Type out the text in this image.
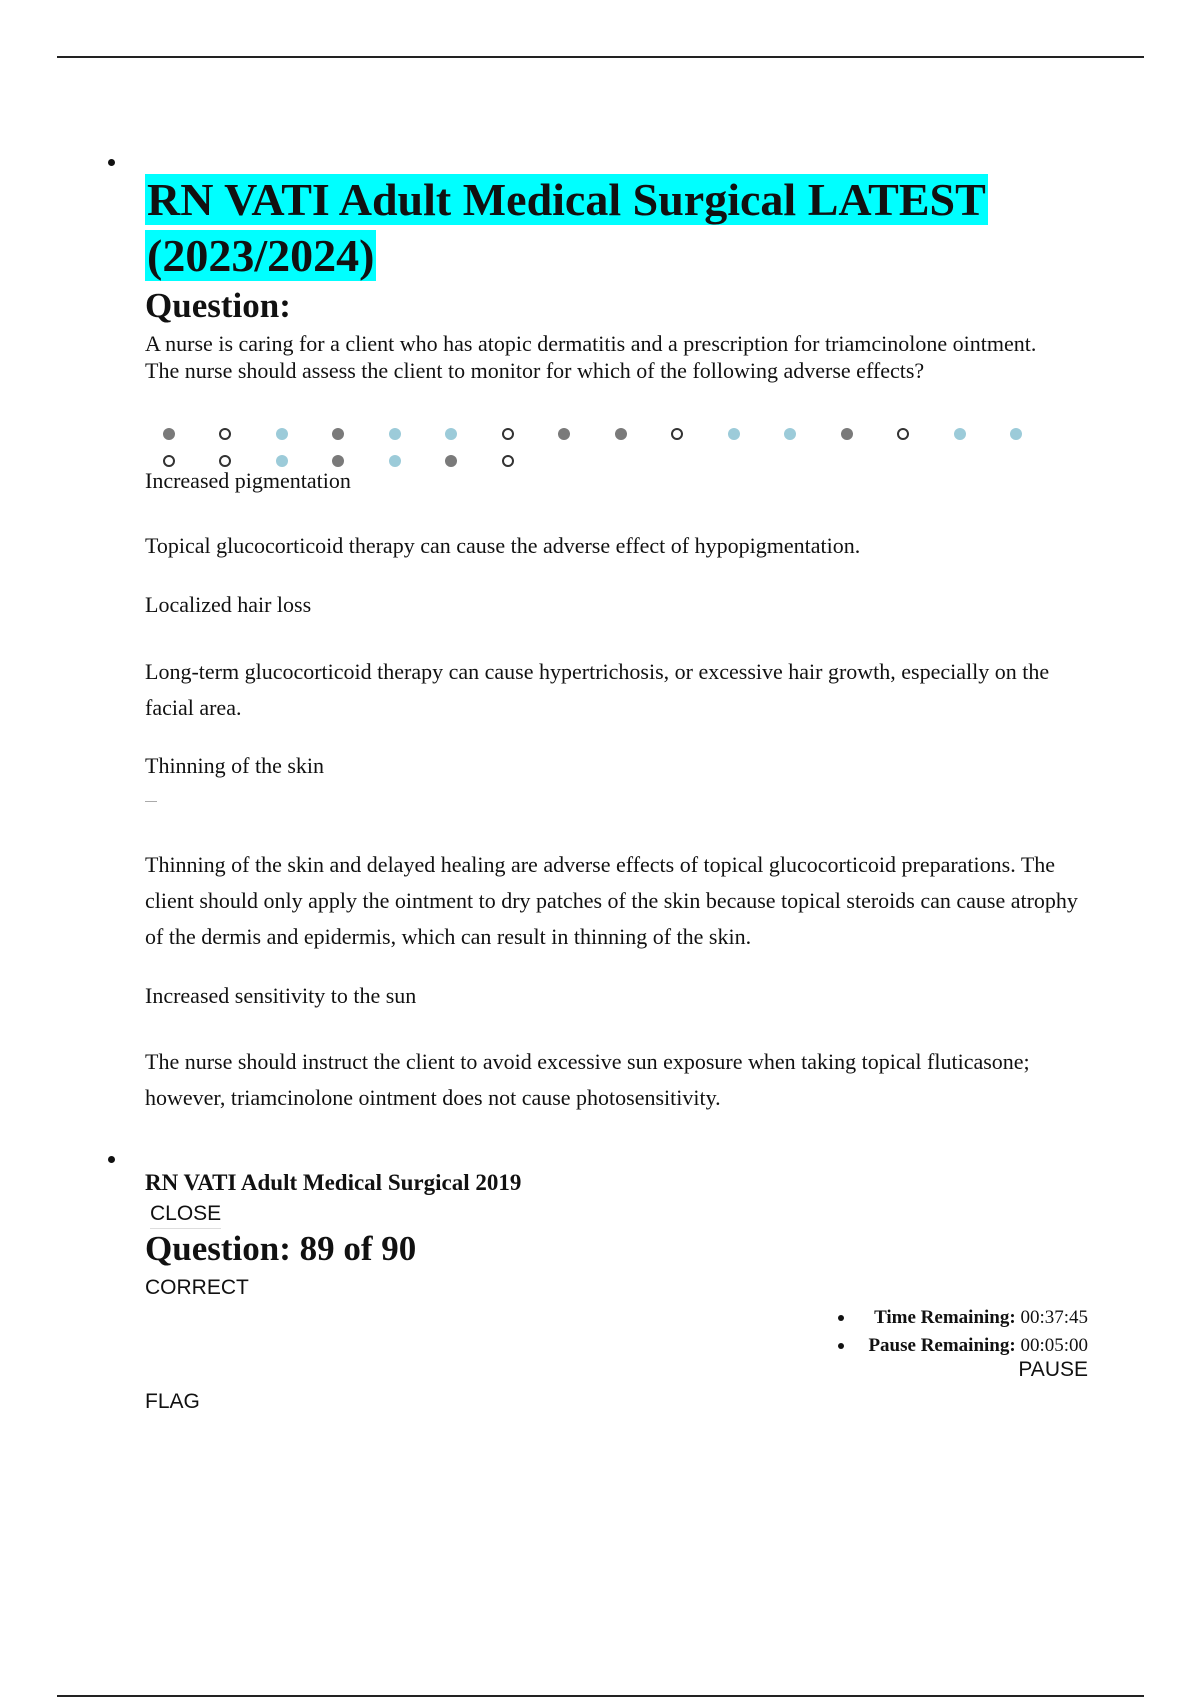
RN VATI Adult Medical Surgical LATEST (2023/2024)
Question:

A nurse is caring for a client who has atopic dermatitis and a prescription for triamcinolone ointment. The nurse should assess the client to monitor for which of the following adverse effects?

Increased pigmentation

Topical glucocorticoid therapy can cause the adverse effect of hypopigmentation.

Localized hair loss

Long-term glucocorticoid therapy can cause hypertrichosis, or excessive hair growth, especially on the facial area.

Thinning of the skin

Thinning of the skin and delayed healing are adverse effects of topical glucocorticoid preparations. The client should only apply the ointment to dry patches of the skin because topical steroids can cause atrophy of the dermis and epidermis, which can result in thinning of the skin.

Increased sensitivity to the sun

The nurse should instruct the client to avoid excessive sun exposure when taking topical fluticasone; however, triamcinolone ointment does not cause photosensitivity.

RN VATI Adult Medical Surgical 2019
CLOSE
Question: 89 of 90
CORRECT
Time Remaining: 00:37:45
Pause Remaining: 00:05:00
PAUSE
FLAG
